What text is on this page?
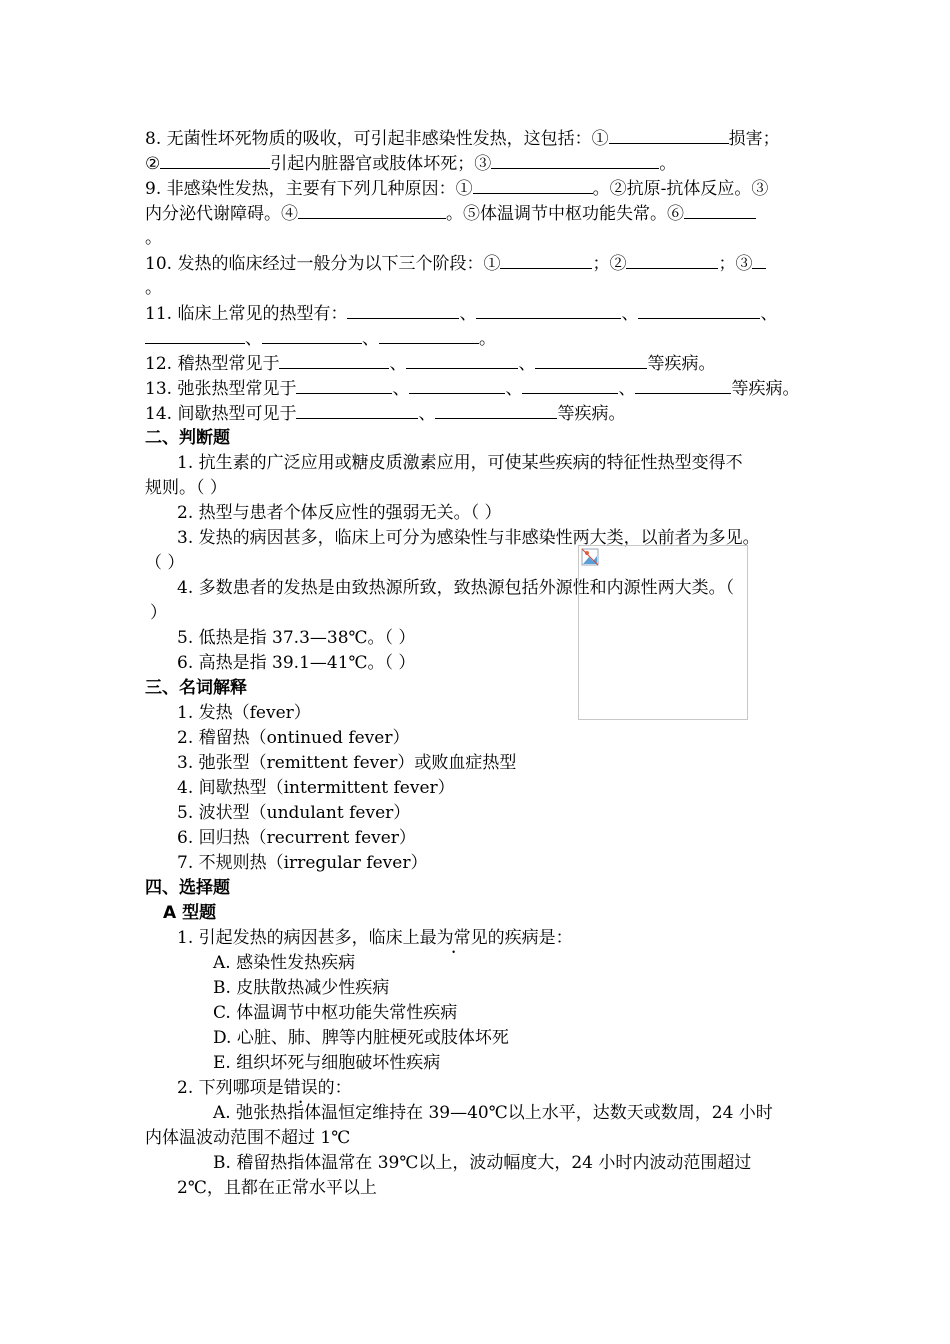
8. 无菌性坏死物质的吸收，可引起非感染性发热，这包括：①	损害；
②	引起内脏器官或肢体坏死；③	。
9. 非感染性发热，主要有下列几种原因：①	。②抗原-抗体反应。③
内分泌代谢障碍。④	。⑤体温调节中枢功能失常。⑥
。
10. 发热的临床经过一般分为以下三个阶段：①	；②	；③
。
11. 临床上常见的热型有：	、	、	、
、	、	。
12. 稽热型常见于	、	、	等疾病。
13. 弛张热型常见于	、	、	、	等疾病。
14. 间歇热型可见于	、	等疾病。
二、判断题
1. 抗生素的广泛应用或糖皮质激素应用，可使某些疾病的特征性热型变得不
规则。（ ）
2. 热型与患者个体反应性的强弱无关。（ ）
3. 发热的病因甚多，临床上可分为感染性与非感染性两大类，以前者为多见。
（ ）
4. 多数患者的发热是由致热源所致，致热源包括外源性和内源性两大类。（
）
5. 低热是指 37.3—38℃。（ ）
6. 高热是指 39.1—41℃。（ ）
三、名词解释
1. 发热（fever）
2. 稽留热（ontinued fever）
3. 弛张型（remittent fever）或败血症热型
4. 间歇热型（intermittent fever）
5. 波状型（undulant fever）
6. 回归热（recurrent fever）
7. 不规则热（irregular fever）
四、选择题
A 型题
1. 引起发热的病因甚多，临床上最为常见的疾病是：
A. 感染性发热疾病
B. 皮肤散热减少性疾病
C. 体温调节中枢功能失常性疾病
D. 心脏、肺、脾等内脏梗死或肢体坏死
E. 组织坏死与细胞破坏性疾病
2. 下列哪项是错误的：
A. 弛张热指体温恒定维持在 39—40℃以上水平，达数天或数周，24 小时
内体温波动范围不超过 1℃
B. 稽留热指体温常在 39℃以上，波动幅度大，24 小时内波动范围超过
2℃，且都在正常水平以上
